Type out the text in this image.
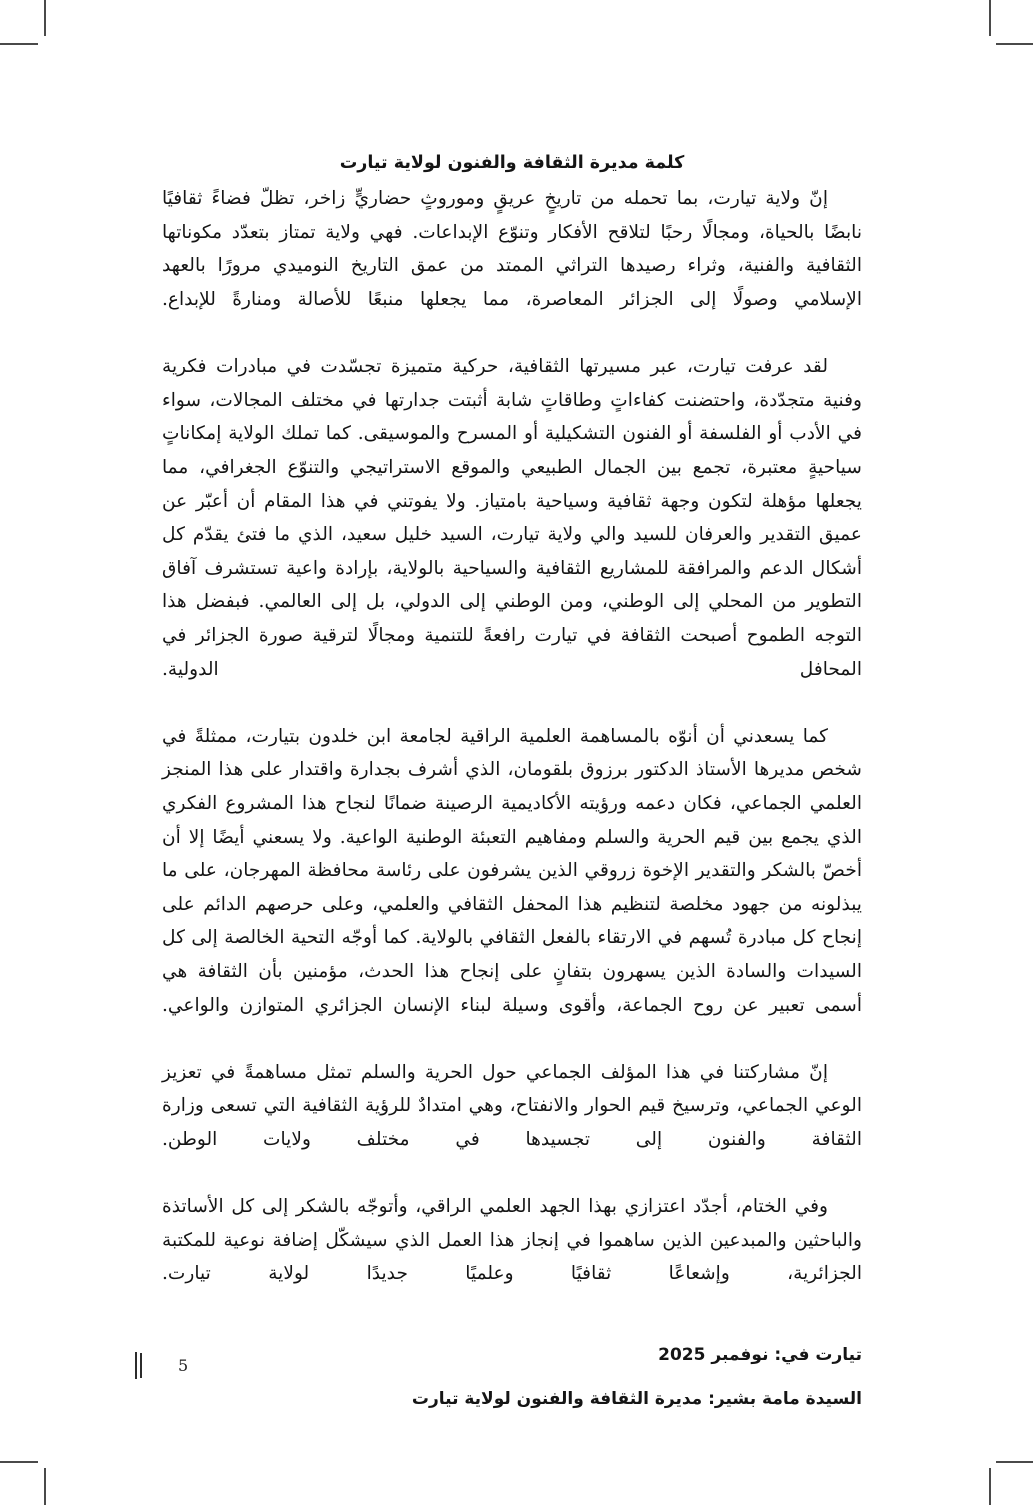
كلمة مديرة الثقافة والفنون لولاية تيارت

إنّ ولاية تيارت، بما تحمله من تاريخٍ عريقٍ وموروثٍ حضاريٍّ زاخر، تظلّ فضاءً ثقافيًا نابضًا بالحياة، ومجالًا رحبًا لتلاقح الأفكار وتنوّع الإبداعات. فهي ولاية تمتاز بتعدّد مكوناتها الثقافية والفنية، وثراء رصيدها التراثي الممتد من عمق التاريخ النوميدي مرورًا بالعهد الإسلامي وصولًا إلى الجزائر المعاصرة، مما يجعلها منبعًا للأصالة ومنارةً للإبداع.

لقد عرفت تيارت، عبر مسيرتها الثقافية، حركية متميزة تجسّدت في مبادرات فكرية وفنية متجدّدة، واحتضنت كفاءاتٍ وطاقاتٍ شابة أثبتت جدارتها في مختلف المجالات، سواء في الأدب أو الفلسفة أو الفنون التشكيلية أو المسرح والموسيقى. كما تملك الولاية إمكاناتٍ سياحيةٍ معتبرة، تجمع بين الجمال الطبيعي والموقع الاستراتيجي والتنوّع الجغرافي، مما يجعلها مؤهلة لتكون وجهة ثقافية وسياحية بامتياز. ولا يفوتني في هذا المقام أن أعبّر عن عميق التقدير والعرفان للسيد والي ولاية تيارت، السيد خليل سعيد، الذي ما فتئ يقدّم كل أشكال الدعم والمرافقة للمشاريع الثقافية والسياحية بالولاية، بإرادة واعية تستشرف آفاق التطوير من المحلي إلى الوطني، ومن الوطني إلى الدولي، بل إلى العالمي. فبفضل هذا التوجه الطموح أصبحت الثقافة في تيارت رافعةً للتنمية ومجالًا لترقية صورة الجزائر في المحافل الدولية.

كما يسعدني أن أنوّه بالمساهمة العلمية الراقية لجامعة ابن خلدون بتيارت، ممثلةً في شخص مديرها الأستاذ الدكتور برزوق بلقومان، الذي أشرف بجدارة واقتدار على هذا المنجز العلمي الجماعي، فكان دعمه ورؤيته الأكاديمية الرصينة ضمانًا لنجاح هذا المشروع الفكري الذي يجمع بين قيم الحرية والسلم ومفاهيم التعبئة الوطنية الواعية. ولا يسعني أيضًا إلا أن أخصّ بالشكر والتقدير الإخوة زروقي الذين يشرفون على رئاسة محافظة المهرجان، على ما يبذلونه من جهود مخلصة لتنظيم هذا المحفل الثقافي والعلمي، وعلى حرصهم الدائم على إنجاح كل مبادرة تُسهم في الارتقاء بالفعل الثقافي بالولاية. كما أوجّه التحية الخالصة إلى كل السيدات والسادة الذين يسهرون بتفانٍ على إنجاح هذا الحدث، مؤمنين بأن الثقافة هي أسمى تعبير عن روح الجماعة، وأقوى وسيلة لبناء الإنسان الجزائري المتوازن والواعي.

إنّ مشاركتنا في هذا المؤلف الجماعي حول الحرية والسلم تمثل مساهمةً في تعزيز الوعي الجماعي، وترسيخ قيم الحوار والانفتاح، وهي امتدادٌ للرؤية الثقافية التي تسعى وزارة الثقافة والفنون إلى تجسيدها في مختلف ولايات الوطن.

وفي الختام، أجدّد اعتزازي بهذا الجهد العلمي الراقي، وأتوجّه بالشكر إلى كل الأساتذة والباحثين والمبدعين الذين ساهموا في إنجاز هذا العمل الذي سيشكّل إضافة نوعية للمكتبة الجزائرية، وإشعاعًا ثقافيًا وعلميًا جديدًا لولاية تيارت.

تيارت في: نوفمبر 2025

السيدة مامة بشير: مديرة الثقافة والفنون لولاية تيارت

5
